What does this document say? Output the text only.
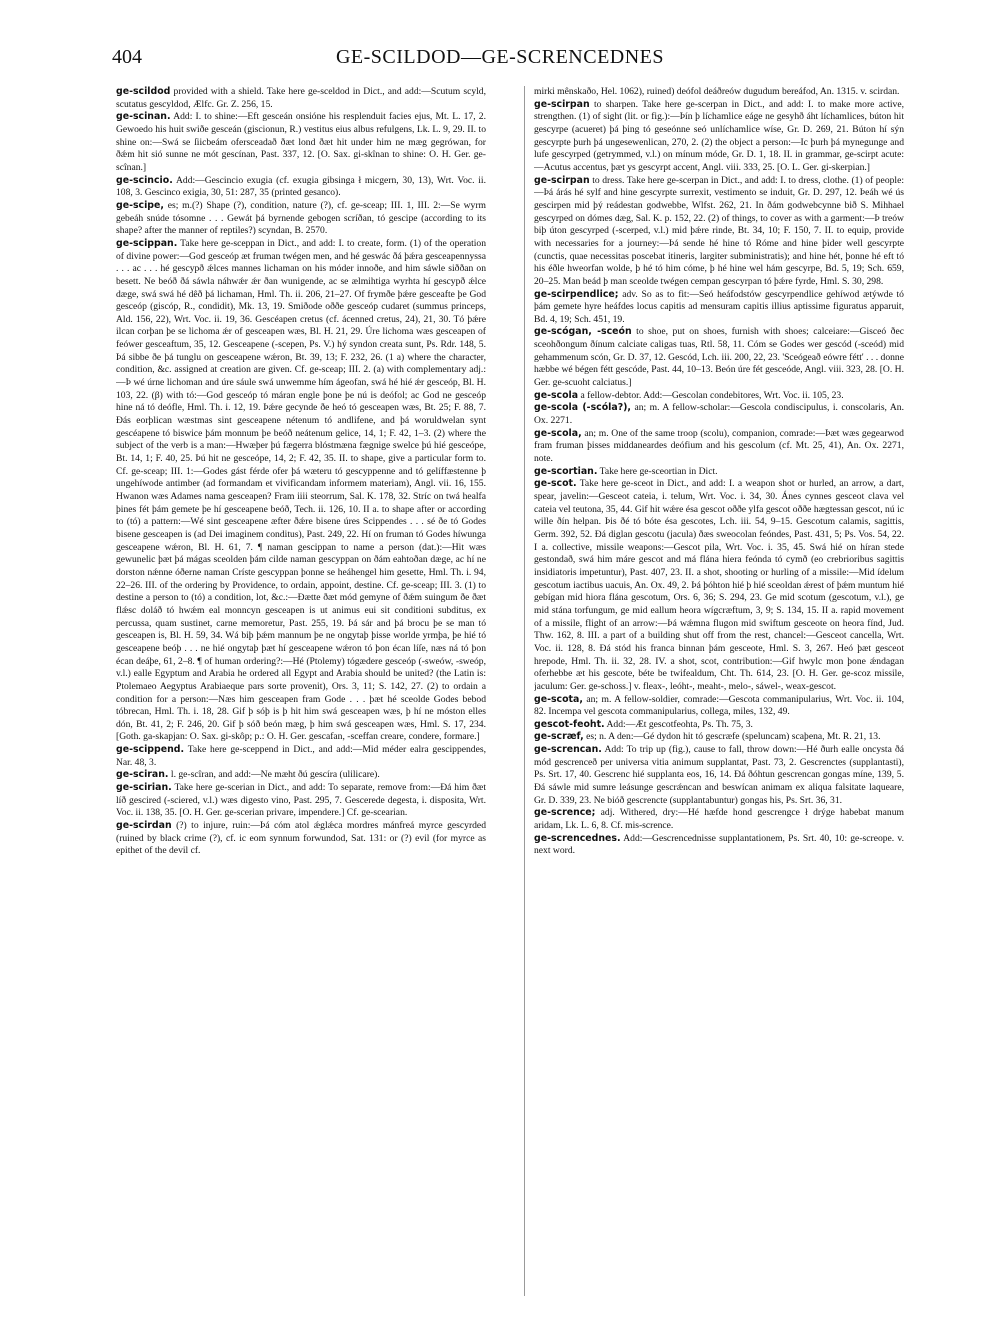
404	GE-SCILDOD—GE-SCRENCEDNES

ge-scildod provided with a shield. Take here ge-sceldod in Dict., and add:—Scutum scyld, scutatus gescyldod, Ælfc. Gr. Z. 256, 15.

ge-scinan. Add: I. to shine:—Eft gesceán onsióne his resplenduit facies ejus, Mt. L. 17, 2. Gewoedo his huit swiðe gesceán (giscionun, R.) vestitus eius albus refulgens, Lk. L. 9, 29. II. to shine on:—Swá se ſiicbeám ofersceadað ðæt lond ðæt hit under him ne mæg gegrówan, for ðǽm hit sió sunne ne mót gescínan, Past. 337, 12. [O. Sax. gi-skînan to shine: O. H. Ger. ge-scînan.]

ge-scincio. Add:—Gescincio exugia (cf. exugia gibsinga ł micgern, 30, 13), Wrt. Voc. ii. 108, 3. Gescinco exigia, 30, 51: 287, 35 (printed gesanco).

ge-scipe, es; m.(?) Shape (?), condition, nature (?), cf. ge-sceap; III. 1, III. 2:—Se wyrm gebeáh snúde tósomne . . . Gewát þá byrnende gebogen scríðan, tó gescipe (according to its shape? after the manner of reptiles?) scyndan, B. 2570.

ge-scippan. Take here ge-sceppan in Dict., and add: I. to create, form. (1) of the operation of divine power:—God gesceóp æt fruman twégen men, and hé geswác ðá þǽra gesceapennyssa . . . ac . . . hé gescypð ǽlces mannes lichaman on his móder innoðe, and him sáwle siððan on besett. Ne beóð ðá sáwla náhwǽr ǽr ðan wunigende, ac se ælmihtiga wyrhta hí gescypð ǽlce dæge, swá swá hé dêð þá lichaman, Hml. Th. ii. 206, 21–27. Of frymðe þǽre gesceafte þe God gesceóp (giscóp, R., condidit), Mk. 13, 19. Smiðode oððe gesceóp cudaret (summus princeps, Ald. 156, 22), Wrt. Voc. ii. 19, 36. Gescéapen cretus (cf. ácenned cretus, 24), 21, 30. Tó þǽre ilcan corþan þe se lichoma ǽr of gesceapen wæs, Bl. H. 21, 29. Úre lichoma wæs gesceapen of feówer gesceaftum, 35, 12. Gesceapene (-scepen, Ps. V.) hý syndon creata sunt, Ps. Rdr. 148, 5. Þá sibbe ðe þá tunglu on gesceapene wǽron, Bt. 39, 13; F. 232, 26. (1 a) where the character, condition, &c. assigned at creation are given. Cf. ge-sceap; III. 2. (a) with complementary adj.:—Þ wé úrne lichoman and úre sáule swá unwemme hím ágeofan, swá hé hié ǽr gesceóp, Bl. H. 103, 22. (β) with tó:—God gesceóp tó máran engle þone þe nú is deófol; ac God ne gesceóp hine ná tó deófle, Hml. Th. i. 12, 19. Þǽre gecynde ðe heó tó gesceapen wæs, Bt. 25; F. 88, 7. Ðás eorþlican wæstmas sint gesceapene nétenum tó andlifene, and þá woruldwelan synt gescéapene tó biswice þám monnum þe beóð neátenum gelice, 14, 1; F. 42, 1–3. (2) where the subject of the verb is a man:—Hwæþer þú fægerra blóstmæna fægnige swelce þú hié gesceópe, Bt. 14, 1; F. 40, 25. Þú hit ne gesceópe, 14, 2; F. 42, 35. II. to shape, give a particular form to. Cf. ge-sceap; III. 1:—Godes gást férde ofer þá wæteru tó gescyppenne and tó gelíffæstenne þ ungehíwode antimber (ad formandam et vivificandam informem materiam), Angl. vii. 16, 155. Hwanon wæs Adames nama gesceapen? Fram iiii steorrum, Sal. K. 178, 32. Stríc on twá healfa þines fét þám gemete þe hí gesceapene beóð, Tech. ii. 126, 10. II a. to shape after or according to (tó) a pattern:—Wé sint gesceapene æfter ðǽre bisene úres Scippendes . . . sé ðe tó Godes bisene gesceapen is (ad Dei imaginem conditus), Past. 249, 22. Hí on fruman tó Godes híwunga gesceapene wǽron, Bl. H. 61, 7. ¶ naman gescippan to name a person (dat.):—Hit wæs gewunelic þæt þá mágas sceolden þám cilde naman gescyppan on ðám eahtoðan dæge, ac hí ne dorston nǽnne óðerne naman Críste gescyppan þonne se heáhengel him gesette, Hml. Th. i. 94, 22–26. III. of the ordering by Providence, to ordain, appoint, destine. Cf. ge-sceap; III. 3. (1) to destine a person to (tó) a condition, lot, &c.:—Ðætte ðæt mód gemyne of ðǽm suingum ðe ðæt flǽsc doláð tó hwǽm eal monncyn gesceapen is ut animus eui sit conditioni subditus, ex percussa, quam sustinet, carne memoretur, Past. 255, 19. Þá sár and þá brocu þe se man tó gesceapen is, Bl. H. 59, 34. Wá biþ þǽm mannum þe ne ongytaþ þisse worlde yrmþa, þe hié tó gesceapene beóþ . . . ne hié ongytaþ þæt hí gesceapene wǽron tó þon écan líſe, næs ná tó þon écan deáþe, 61, 2–8. ¶ of human ordering?:—Hé (Ptolemy) tógædere gesceóp (-sweów, -sweóp, v.l.) ealle Egyptum and Arabia he ordered all Egypt and Arabia should be united? (the Latin is: Ptolemaeo Aegyptus Arabiaeque pars sorte provenit), Ors. 3, 11; S. 142, 27. (2) to ordain a condition for a person:—Næs him gesceapen fram Gode . . . þæt hé sceolde Godes bebod tóbrecan, Hml. Th. i. 18, 28. Gif þ sóþ is þ hit him swá gesceapen wæs, þ hí ne móston elles dón, Bt. 41, 2; F. 246, 20. Gif þ sóð beón mæg, þ him swá gesceapen wæs, Hml. S. 17, 234. [Goth. ga-skapjan: O. Sax. gi-skôp; p.: O. H. Ger. gescafan, -sceffan creare, condere, formare.]

ge-scippend. Take here ge-sceppend in Dict., and add:—Mid méder ealra gescippendes, Nar. 48, 3.

ge-sciran. l. ge-scîran, and add:—Ne mæht ðú gescíra (ulilicare).

ge-scirian. Take here ge-scerian in Dict., and add: To separate, remove from:—Ðá him ðæt líð gescired (-sciered, v.l.) wæs digesto vino, Past. 295, 7. Gescerede degesta, i. disposita, Wrt. Voc. ii. 138, 35. [O. H. Ger. ge-scerian privare, impendere.] Cf. ge-scearian.

ge-scirdan (?) to injure, ruin:—Þá cóm atol ǽglǽca mordres mánfreá myrce gescyrded (ruined by black crime (?), cf. ic eom synnum forwundod, Sat. 131: or (?) evil (for myrce as epithet of the devil cf.

mirki mênskaðo, Hel. 1062), ruined) deófol deáðreów dugudum bereáfod, An. 1315. v. scirdan.

ge-scirpan to sharpen. Take here ge-scerpan in Dict., and add: I. to make more active, strengthen. (1) of sight (lit. or fig.):—Þín þ líchamlice eáge ne gesyhð áht líchamlices, búton hit gescyrpe (acueret) þá þing tó geseónne seó unlíchamlice wíse, Gr. D. 269, 21. Búton hí sýn gescyrpte þurh þá ungesewenlican, 270, 2. (2) the object a person:—Ic þurh þá mynegunge and lufe gescyrped (getrymmed, v.l.) on mínum móde, Gr. D. 1, 18. II. in grammar, ge-scirpt acute:—Acutus accentus, þæt ys gescyrpt accent, Angl. viii. 333, 25. [O. L. Ger. gi-skerpian.]

ge-scirpan to dress. Take here ge-scerpan in Dict., and add: I. to dress, clothe. (1) of people:—Þá árás hé sylf and hine gescyrpte surrexit, vestimento se induit, Gr. D. 297, 12. Þeáh wé ús gescirpen mid þý reádestan godwebbe, Wlfst. 262, 21. In ðám godwebcynne bið S. Mihhael gescyrped on dómes dæg, Sal. K. p. 152, 22. (2) of things, to cover as with a garment:—Þ treów biþ úton gescyrped (-scerped, v.l.) mid þǽre rinde, Bt. 34, 10; F. 150, 7. II. to equip, provide with necessaries for a journey:—Þá sende hé hine tó Róme and hine þider well gescyrpte (cunctis, quae necessitas poscebat itineris, largiter subministratis); and hine hét, þonne hé eft tó his éðle hweorfan wolde, þ hé tó him cóme, þ hé hine wel hám gescyrpe, Bd. 5, 19; Sch. 659, 20–25. Man beád þ man sceolde twégen cempan gescyrpan tó þǽre fyrde, Hml. S. 30, 298.

ge-scirpendlice; adv. So as to fit:—Seó heáfodstów gescyrpendlice gehíwod ætýwde tó þám gemete hyre heáfdes locus capitis ad mensuram capitis illius aptissime figuratus apparuit, Bd. 4, 19; Sch. 451, 19.

ge-scógan, -sceón to shoe, put on shoes, furnish with shoes; calceiare:—Gisceó ðec sceohðongum ðínum calciate caligas tuas, Rtl. 58, 11. Cóm se Godes wer gescód (-sceód) mid gehammenum scón, Gr. D. 37, 12. Gescód, Lch. iii. 200, 22, 23. 'Sceógeað eówre fétt' . . . donne hæbbe wé bégen fétt gescóde, Past. 44, 10–13. Beón úre fét gesceóde, Angl. viii. 323, 28. [O. H. Ger. ge-scuoht calciatus.]

ge-scola a fellow-debtor. Add:—Gescolan condebitores, Wrt. Voc. ii. 105, 23.

ge-scola (-scóla?), an; m. A fellow-scholar:—Gescola condiscipulus, i. conscolaris, An. Ox. 2271.

ge-scola, an; m. One of the same troop (scolu), companion, comrade:—Þæt wæs gegearwod fram fruman þisses middaneardes deófium and his gescolum (cf. Mt. 25, 41), An. Ox. 2271, note.

ge-scortian. Take here ge-sceortian in Dict.

ge-scot. Take here ge-sceot in Dict., and add: I. a weapon shot or hurled, an arrow, a dart, spear, javelin:—Gesceot cateia, i. telum, Wrt. Voc. i. 34, 30. Ánes cynnes gesceot clava vel cateia vel teutona, 35, 44. Gif hit wǽre ésa gescot oððe ylfa gescot oððe hægtessan gescot, nú ic wille ðín helpan. Þis ðé tó bóte ésa gescotes, Lch. iii. 54, 9–15. Gescotum calamis, sagittis, Germ. 392, 52. Ðá diglan gescotu (jacula) ðæs sweocolan feóndes, Past. 431, 5; Ps. Vos. 54, 22. I a. collective, missile weapons:—Gescot pila, Wrt. Voc. i. 35, 45. Swá hié on híran stede gestondað, swá him máre gescot and má flána hiera feónda tó cymð (eo crebrioribus sagittis insidiatoris impetuntur), Past. 407, 23. II. a shot, shooting or hurling of a missile:—Mid ídelum gescotum iactibus uacuis, An. Ox. 49, 2. Þá þóhton hié þ hié sceoldan ǽrest of þǽm muntum hié gebígan mid hiora flána gescotum, Ors. 6, 36; S. 294, 23. Ge mid scotum (gescotum, v.l.), ge mid stána torfungum, ge mid eallum heora wígcræftum, 3, 9; S. 134, 15. II a. rapid movement of a missile, flight of an arrow:—Þá wǽmna flugon mid swiftum gesceote on heora fínd, Jud. Thw. 162, 8. III. a part of a building shut off from the rest, chancel:—Gesceot cancella, Wrt. Voc. ii. 128, 8. Ðá stód his franca binnan þám gesceote, Hml. S. 3, 267. Heó þæt gesceot hrepode, Hml. Th. ii. 32, 28. IV. a shot, scot, contribution:—Gif hwylc mon þone ǽndagan oferhebbe æt his gescote, béte be twifealdum, Cht. Th. 614, 23. [O. H. Ger. ge-scoz missile, jaculum: Ger. ge-schoss.] v. fleax-, leóht-, meaht-, melo-, sáwel-, weax-gescot.

ge-scota, an; m. A fellow-soldier, comrade:—Gescota commanipularius, Wrt. Voc. ii. 104, 82. Incempa vel gescota commanipularius, collega, miles, 132, 49.

gescot-feoht. Add:—Æt gescotfeohta, Ps. Th. 75, 3.

ge-scræf, es; n. A den:—Gé dydon hit tó gescræfe (speluncam) scaþena, Mt. R. 21, 13.

ge-screncan. Add: To trip up (fig.), cause to fall, throw down:—Hé ðurh ealle oncysta ðá mód gescrenceð per universa vitia animum supplantat, Past. 73, 2. Gescrenctes (supplantasti), Ps. Srt. 17, 40. Gescrenc hié supplanta eos, 16, 14. Ðá ðóhtun gescrencan gongas míne, 139, 5. Ðá sáwle mid sumre leásunge gescrǽncan and beswícan animam ex aliqua falsitate laqueare, Gr. D. 339, 23. Ne bióð gescrencte (supplantabuntur) gongas his, Ps. Srt. 36, 31.

ge-scrence; adj. Withered, dry:—Hé hæfde hond gescrengce ł drýge habebat manum aridam, Lk. L. 6, 8. Cf. mis-scrence.

ge-screncednes. Add:—Gescrencednisse supplantationem, Ps. Srt. 40, 10: ge-screope. v. next word.
